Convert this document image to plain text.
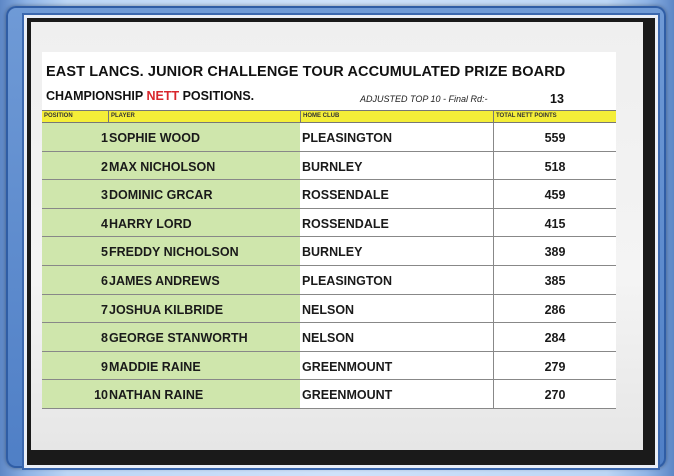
EAST LANCS. JUNIOR CHALLENGE TOUR ACCUMULATED PRIZE BOARD
CHAMPIONSHIP NETT POSITIONS.	ADJUSTED TOP 10 - Final Rd:-	13
POSITION	PLAYER	HOME CLUB	TOTAL NETT POINTS
1 SOPHIE WOOD	PLEASINGTON	559
2 MAX NICHOLSON	BURNLEY	518
3 DOMINIC GRCAR	ROSSENDALE	459
4 HARRY LORD	ROSSENDALE	415
5 FREDDY NICHOLSON	BURNLEY	389
6 JAMES ANDREWS	PLEASINGTON	385
7 JOSHUA KILBRIDE	NELSON	286
8 GEORGE STANWORTH	NELSON	284
9 MADDIE RAINE	GREENMOUNT	279
10 NATHAN RAINE	GREENMOUNT	270
